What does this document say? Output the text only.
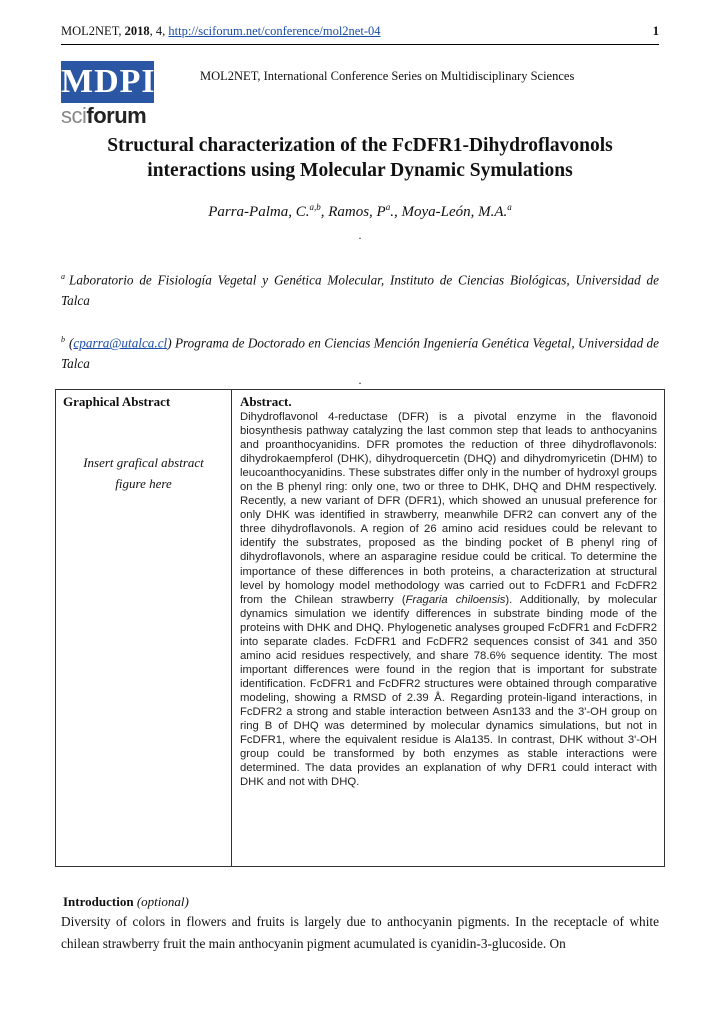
MOL2NET, 2018, 4, http://sciforum.net/conference/mol2net-04	1
MDPI
sciforum
MOL2NET, International Conference Series on Multidisciplinary Sciences
Structural characterization of the FcDFR1-Dihydroflavonols
interactions using Molecular Dynamic Symulations
Parra-Palma, C.$^{a,b}$, Ramos, $P^a$., Moya-León, M.A.$^a$
.
$^a$ Laboratorio de Fisiología Vegetal y Genética Molecular, Instituto de Ciencias Biológicas, Universidad de Talca
$^b$ (cparra@utalca.cl) Programa de Doctorado en Ciencias Mención Ingeniería Genética Vegetal, Universidad de Talca
.
Graphical Abstract
Insert grafical abstract
figure here
Abstract.
Dihydroflavonol 4-reductase (DFR) is a pivotal enzyme in the flavonoid biosynthesis pathway catalyzing the last common step that leads to anthocyanins and proanthocyanidins. DFR promotes the reduction of three dihydroflavonols: dihydrokaempferol (DHK), dihydroquercetin (DHQ) and dihydromyricetin (DHM) to leucoanthocyanidins. These substrates differ only in the number of hydroxyl groups on the B phenyl ring: only one, two or three to DHK, DHQ and DHM respectively. Recently, a new variant of DFR (DFR1), which showed an unusual preference for only DHK was identified in strawberry, meanwhile DFR2 can convert any of the three dihydroflavonols. A region of 26 amino acid residues could be relevant to identify the substrates, proposed as the binding pocket of B phenyl ring of dihydroflavonols, where an asparagine residue could be critical. To determine the importance of these differences in both proteins, a characterization at structural level by homology model methodology was carried out to FcDFR1 and FcDFR2 from the Chilean strawberry (Fragaria chiloensis). Additionally, by molecular dynamics simulation we identify differences in substrate binding mode of the proteins with DHK and DHQ. Phylogenetic analyses grouped FcDFR1 and FcDFR2 into separate clades. FcDFR1 and FcDFR2 sequences consist of 341 and 350 amino acid residues respectively, and share 78.6% sequence identity. The most important differences were found in the region that is important for substrate identification. FcDFR1 and FcDFR2 structures were obtained through comparative modeling, showing a RMSD of 2.39 Å. Regarding protein-ligand interactions, in FcDFR2 a strong and stable interaction between Asn133 and the 3'-OH group on ring B of DHQ was determined by molecular dynamics simulations, but not in FcDFR1, where the equivalent residue is Ala135. In contrast, DHK without 3'-OH group could be transformed by both enzymes as stable interactions were determined. The data provides an explanation of why DFR1 could interact with DHK and not with DHQ.
Introduction (optional)
Diversity of colors in flowers and fruits is largely due to anthocyanin pigments. In the receptacle of white chilean strawberry fruit the main anthocyanin pigment acumulated is cyanidin-3-glucoside. On
